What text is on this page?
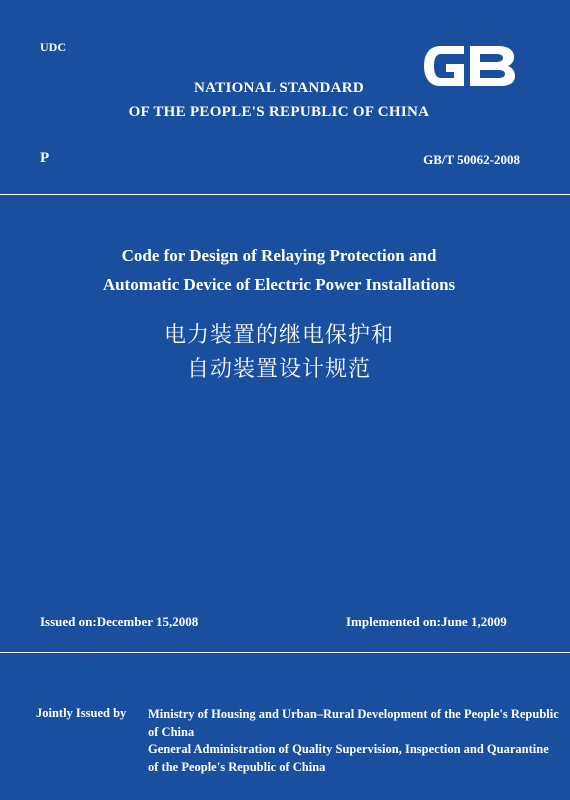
UDC
NATIONAL STANDARD
OF THE PEOPLE'S REPUBLIC OF CHINA
P	GB/T 50062-2008
Code for Design of Relaying Protection and
Automatic Device of Electric Power Installations
电力装置的继电保护和
自动装置设计规范
Issued on:December 15,2008	Implemented on:June 1,2009
Jointly Issued by Ministry of Housing and Urban–Rural Development of the People's Republic of China
General Administration of Quality Supervision, Inspection and Quarantine of the People's Republic of China
